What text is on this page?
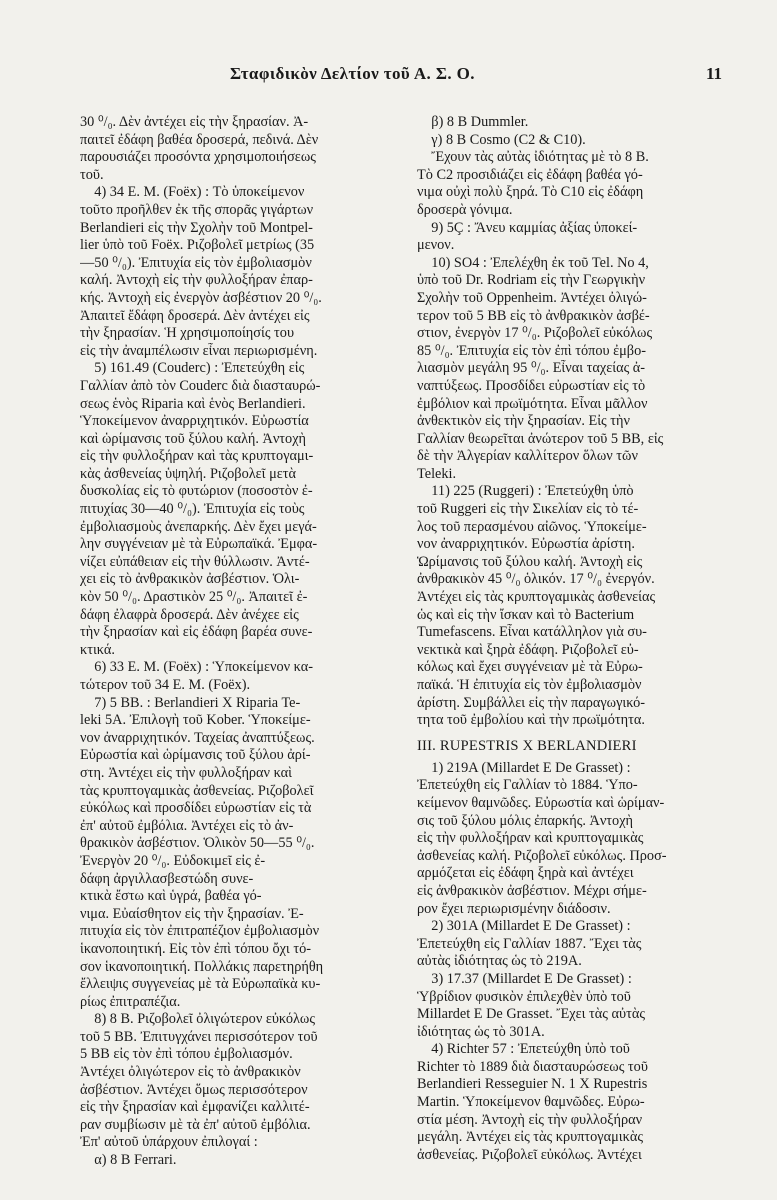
Σταφιδικὸν Δελτίον τοῦ Α. Σ. Ο.	11
30 ⁰/₀. Δὲν ἀντέχει εἰς τὴν ξηρασίαν. Ἀ-
παιτεῖ ἐδάφη βαθέα δροσερά, πεδινά. Δὲν
παρουσιάζει προσόντα χρησιμοποιήσεως
τοῦ.
4) 34 E. M. (Foëx) : Τὸ ὑποκείμενον
τοῦτο προῆλθεν ἐκ τῆς σπορᾶς γιγάρτων
Berlandieri εἰς τὴν Σχολὴν τοῦ Montpel-
lier ὑπὸ τοῦ Foëx. Ριζοβολεῖ μετρίως (35
—50 ⁰/₀). Ἐπιτυχία εἰς τὸν ἐμβολιασμὸν
καλή. Ἀντοχὴ εἰς τὴν φυλλοξήραν ἐπαρ-
κής. Ἀντοχὴ εἰς ἐνεργὸν ἀσβέστιον 20 ⁰/₀.
Ἀπαιτεῖ ἔδάφη δροσερά. Δὲν ἀντέχει εἰς
τὴν ξηρασίαν. Ἡ χρησιμοποίησίς του
εἰς τὴν ἀναμπέλωσιν εἶναι περιωρισμένη.
5) 161.49 (Couderc) : Ἐπετεύχθη εἰς
Γαλλίαν ἀπὸ τὸν Couderc διὰ διασταυρώ-
σεως ἑνὸς Riparia καὶ ἑνὸς Berlandieri.
Ὑποκείμενον ἀναρριχητικόν. Εὐρωστία
καὶ ὡρίμανσις τοῦ ξύλου καλή. Ἀντοχὴ
εἰς τὴν φυλλοξήραν καὶ τὰς κρυπτογαμι-
κὰς ἀσθενείας ὑψηλή. Ριζοβολεῖ μετὰ
δυσκολίας εἰς τὸ φυτώριον (ποσοστὸν ἐ-
πιτυχίας 30—40 ⁰/₀). Ἐπιτυχία εἰς τοὺς
ἐμβολιασμοὺς ἀνεπαρκής. Δὲν ἔχει μεγά-
λην συγγένειαν μὲ τὰ Εὐρωπαϊκά. Ἐμφα-
νίζει εὐπάθειαν εἰς τὴν θύλλωσιν. Ἀντέ-
χει εἰς τὸ ἀνθρακικὸν ἀσβέστιον. Ὁλι-
κὸν 50 ⁰/₀. Δραστικὸν 25 ⁰/₀. Ἀπαιτεῖ ἐ-
δάφη ἐλαφρὰ δροσερά. Δὲν ἀνέχεε εἰς
τὴν ξηρασίαν καὶ εἰς ἐδάφη βαρέα συνε-
κτικά.
6) 33 E. M. (Foëx) : Ὑποκείμενον κα-
τώτερον τοῦ 34 E. M. (Foëx).
7) 5 BB. : Berlandieri X Riparia Te-
leki 5A. Ἐπιλογὴ τοῦ Kober. Ὑποκείμε-
νον ἀναρριχητικόν. Ταχείας ἀναπτύξεως.
Εὐρωστία καὶ ὡρίμανσις τοῦ ξύλου ἀρί-
στη. Ἀντέχει εἰς τὴν φυλλοξήραν καὶ
τὰς κρυπτογαμικὰς ἀσθενείας. Ριζοβολεῖ
εὐκόλως καὶ προσδίδει εὐρωστίαν εἰς τὰ
ἐπ' αὐτοῦ ἐμβόλια. Ἀντέχει εἰς τὸ ἀν-
θρακικὸν ἀσβέστιον. Ὁλικὸν 50—55 ⁰/₀.
Ἐνεργὸν 20 ⁰/₀. Εὐδοκιμεῖ εἰς ἐ-
δάφη ἀργιλλασβεστώδη συνε-
κτικὰ ἔστω καὶ ὑγρά, βαθέα γό-
νιμα. Εὐαίσθητον εἰς τὴν ξηρασίαν. Ἐ-
πιτυχία εἰς τὸν ἐπιτραπέζιον ἐμβολιασμὸν
ἱκανοποιητική. Εἰς τὸν ἐπὶ τόπου ὄχι τό-
σον ἱκανοποιητική. Πολλάκις παρετηρήθη
ἔλλειψις συγγενείας μὲ τὰ Εὐρωπαϊκὰ κυ-
ρίως ἐπιτραπέζια.
8) 8 B. Ριζοβολεῖ ὀλιγώτερον εὐκόλως
τοῦ 5 BB. Ἐπιτυγχάνει περισσότερον τοῦ
5 BB εἰς τὸν ἐπὶ τόπου ἐμβολιασμόν.
Ἀντέχει ὀλιγώτερον εἰς τὸ ἀνθρακικὸν
ἀσβέστιον. Ἀντέχει ὅμως περισσότερον
εἰς τὴν ξηρασίαν καὶ ἐμφανίζει καλλιτέ-
ραν συμβίωσιν μὲ τὰ ἐπ' αὐτοῦ ἐμβόλια.
Ἐπ' αὐτοῦ ὑπάρχουν ἐπιλογαί :
α) 8 B Ferrari.
β) 8 B Dummler.
γ) 8 B Cosmo (C2 & C10).
Ἔχουν τὰς αὐτὰς ἰδιότητας μὲ τὸ 8 B.
Τὸ C2 προσιδιάζει εἰς ἐδάφη βαθέα γό-
νιμα οὐχὶ πολὺ ξηρά. Τὸ C10 εἰς ἐδάφη
δροσερὰ γόνιμα.
9) 5Ç : Ἄνευ καμμίας ἀξίας ὑποκεί-
μενον.
10) SO4 : Ἐπελέχθη ἐκ τοῦ Tel. No 4,
ὑπὸ τοῦ Dr. Rodriam εἰς τὴν Γεωργικὴν
Σχολὴν τοῦ Oppenheim. Ἀντέχει ὀλιγώ-
τερον τοῦ 5 BB εἰς τὸ ἀνθρακικὸν ἀσβέ-
στιον, ἐνεργὸν 17 ⁰/₀. Ριζοβολεῖ εὐκόλως
85 ⁰/₀. Ἐπιτυχία εἰς τὸν ἐπὶ τόπου ἐμβο-
λιασμὸν μεγάλη 95 ⁰/₀. Εἶναι ταχείας ἀ-
ναπτύξεως. Προσδίδει εὐρωστίαν εἰς τὸ
ἐμβόλιον καὶ πρωϊμότητα. Εἶναι μᾶλλον
ἀνθεκτικὸν εἰς τὴν ξηρασίαν. Εἰς τὴν
Γαλλίαν θεωρεῖται ἀνώτερον τοῦ 5 BB, εἰς
δὲ τὴν Ἀλγερίαν καλλίτερον ὅλων τῶν
Teleki.
11) 225 (Ruggeri) : Ἐπετεύχθη ὑπὸ
τοῦ Ruggeri εἰς τὴν Σικελίαν εἰς τὸ τέ-
λος τοῦ περασμένου αἰῶνος. Ὑποκείμε-
νον ἀναρριχητικόν. Εὐρωστία ἀρίστη.
Ὡρίμανσις τοῦ ξύλου καλή. Ἀντοχὴ εἰς
ἀνθρακικὸν 45 ⁰/₀ ὁλικόν. 17 ⁰/₀ ἐνεργόν.
Ἀντέχει εἰς τὰς κρυπτογαμικὰς ἀσθενείας
ὡς καὶ εἰς τὴν ἴσκαν καὶ τὸ Bacterium
Tumefascens. Εἶναι κατάλληλον γιὰ συ-
νεκτικὰ καὶ ξηρὰ ἐδάφη. Ριζοβολεῖ εὐ-
κόλως καὶ ἔχει συγγένειαν μὲ τὰ Εὐρω-
παϊκά. Ἡ ἐπιτυχία εἰς τὸν ἐμβολιασμὸν
ἀρίστη. Συμβάλλει εἰς τὴν παραγωγικό-
τητα τοῦ ἐμβολίου καὶ τὴν πρωϊμότητα.
III. RUPESTRIS X BERLANDIERI
1) 219A (Millardet E De Grasset) :
Ἐπετεύχθη εἰς Γαλλίαν τὸ 1884. Ὑπο-
κείμενον θαμνῶδες. Εὐρωστία καὶ ὡρίμαν-
σις τοῦ ξύλου μόλις ἐπαρκής. Ἀντοχὴ
εἰς τὴν φυλλοξήραν καὶ κρυπτογαμικὰς
ἀσθενείας καλή. Ριζοβολεῖ εὐκόλως. Προσ-
αρμόζεται εἰς ἐδάφη ξηρὰ καὶ ἀντέχει
εἰς ἀνθρακικὸν ἀσβέστιον. Μέχρι σήμε-
ρον ἔχει περιωρισμένην διάδοσιν.
2) 301A (Millardet E De Grasset) :
Ἐπετεύχθη εἰς Γαλλίαν 1887. Ἔχει τὰς
αὐτὰς ἰδιότητας ὡς τὸ 219A.
3) 17.37 (Millardet E De Grasset) :
Ὑβρίδιον φυσικὸν ἐπιλεχθὲν ὑπὸ τοῦ
Millardet E De Grasset. Ἔχει τὰς αὐτὰς
ἰδιότητας ὡς τὸ 301A.
4) Richter 57 : Ἐπετεύχθη ὑπὸ τοῦ
Richter τὸ 1889 διὰ διασταυρώσεως τοῦ
Berlandieri Resseguier N. 1 X Rupestris
Martin. Ὑποκείμενον θαμνῶδες. Εὐρω-
στία μέση. Ἀντοχὴ εἰς τὴν φυλλοξήραν
μεγάλη. Ἀντέχει εἰς τὰς κρυπτογαμικὰς
ἀσθενείας. Ριζοβολεῖ εὐκόλως. Ἀντέχει
